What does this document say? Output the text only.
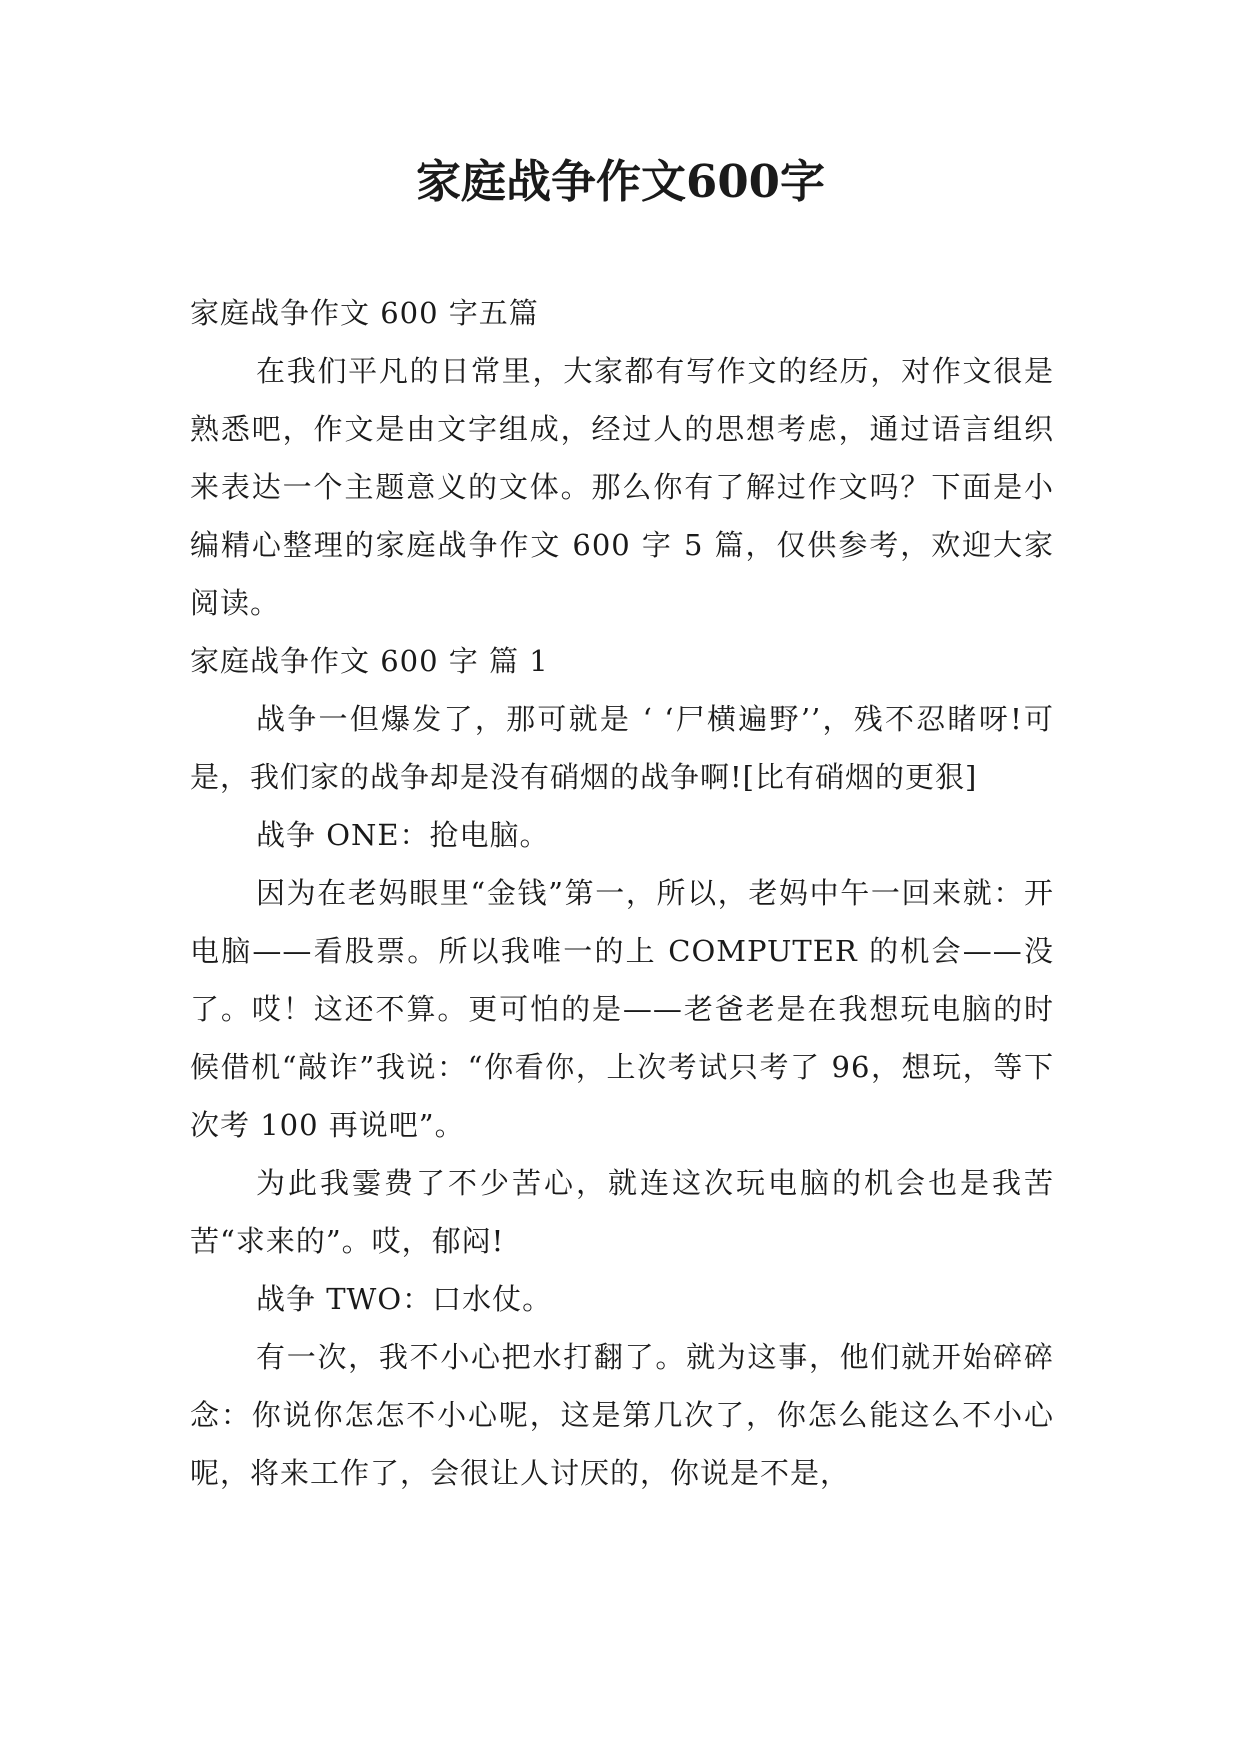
家庭战争作文600字

家庭战争作文 600 字五篇

在我们平凡的日常里，大家都有写作文的经历，对作文很是熟悉吧，作文是由文字组成，经过人的思想考虑，通过语言组织来表达一个主题意义的文体。那么你有了解过作文吗？下面是小编精心整理的家庭战争作文 600 字 5 篇，仅供参考，欢迎大家阅读。

家庭战争作文 600 字 篇 1

战争一但爆发了，那可就是 ‘ ‘尸横遍野’’，残不忍睹呀!可是，我们家的战争却是没有硝烟的战争啊![比有硝烟的更狠]

战争 ONE：抢电脑。

因为在老妈眼里“金钱”第一，所以，老妈中午一回来就：开电脑——看股票。所以我唯一的上 COMPUTER 的机会——没了。哎！这还不算。更可怕的是——老爸老是在我想玩电脑的时候借机“敲诈”我说：“你看你，上次考试只考了 96，想玩，等下次考 100 再说吧”。

为此我霎费了不少苦心，就连这次玩电脑的机会也是我苦苦“求来的”。哎，郁闷!

战争 TWO：口水仗。

有一次，我不小心把水打翻了。就为这事，他们就开始碎碎念：你说你怎怎不小心呢，这是第几次了，你怎么能这么不小心呢，将来工作了，会很让人讨厌的，你说是不是，
